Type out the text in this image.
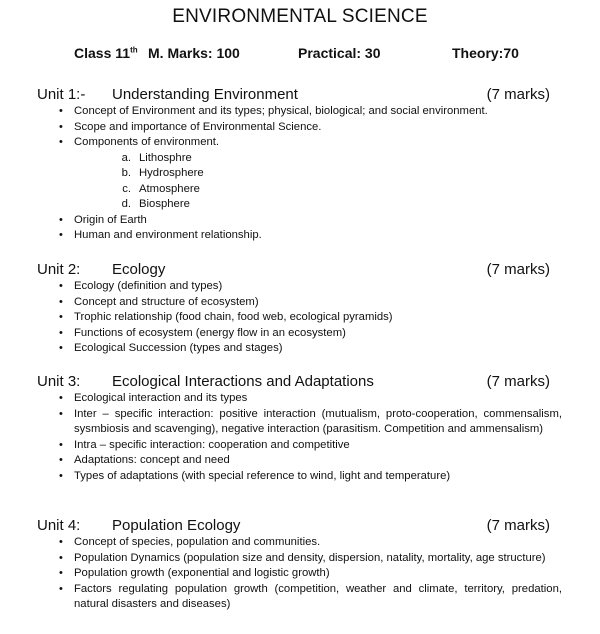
ENVIRONMENTAL SCIENCE
Class 11th M. Marks: 100	Practical: 30	Theory:70
Unit 1:- Understanding Environment	(7 marks)
• Concept of Environment and its types; physical, biological; and social environment.
• Scope and importance of Environmental Science.
• Components of environment.
a. Lithosphre
b. Hydrosphere
c. Atmosphere
d. Biosphere
• Origin of Earth
• Human and environment relationship.
Unit 2: Ecology	(7 marks)
• Ecology (definition and types)
• Concept and structure of ecosystem)
• Trophic relationship (food chain, food web, ecological pyramids)
• Functions of ecosystem (energy flow in an ecosystem)
• Ecological Succession (types and stages)
Unit 3: Ecological Interactions and Adaptations	(7 marks)
• Ecological interaction and its types
• Inter – specific interaction: positive interaction (mutualism, proto-cooperation, commensalism, sysmbiosis and scavenging), negative interaction (parasitism. Competition and ammensalism)
• Intra – specific interaction: cooperation and competitive
• Adaptations: concept and need
• Types of adaptations (with special reference to wind, light and temperature)
Unit 4: Population Ecology	(7 marks)
• Concept of species, population and communities.
• Population Dynamics (population size and density, dispersion, natality, mortality, age structure)
• Population growth (exponential and logistic growth)
• Factors regulating population growth (competition, weather and climate, territory, predation, natural disasters and diseases)
